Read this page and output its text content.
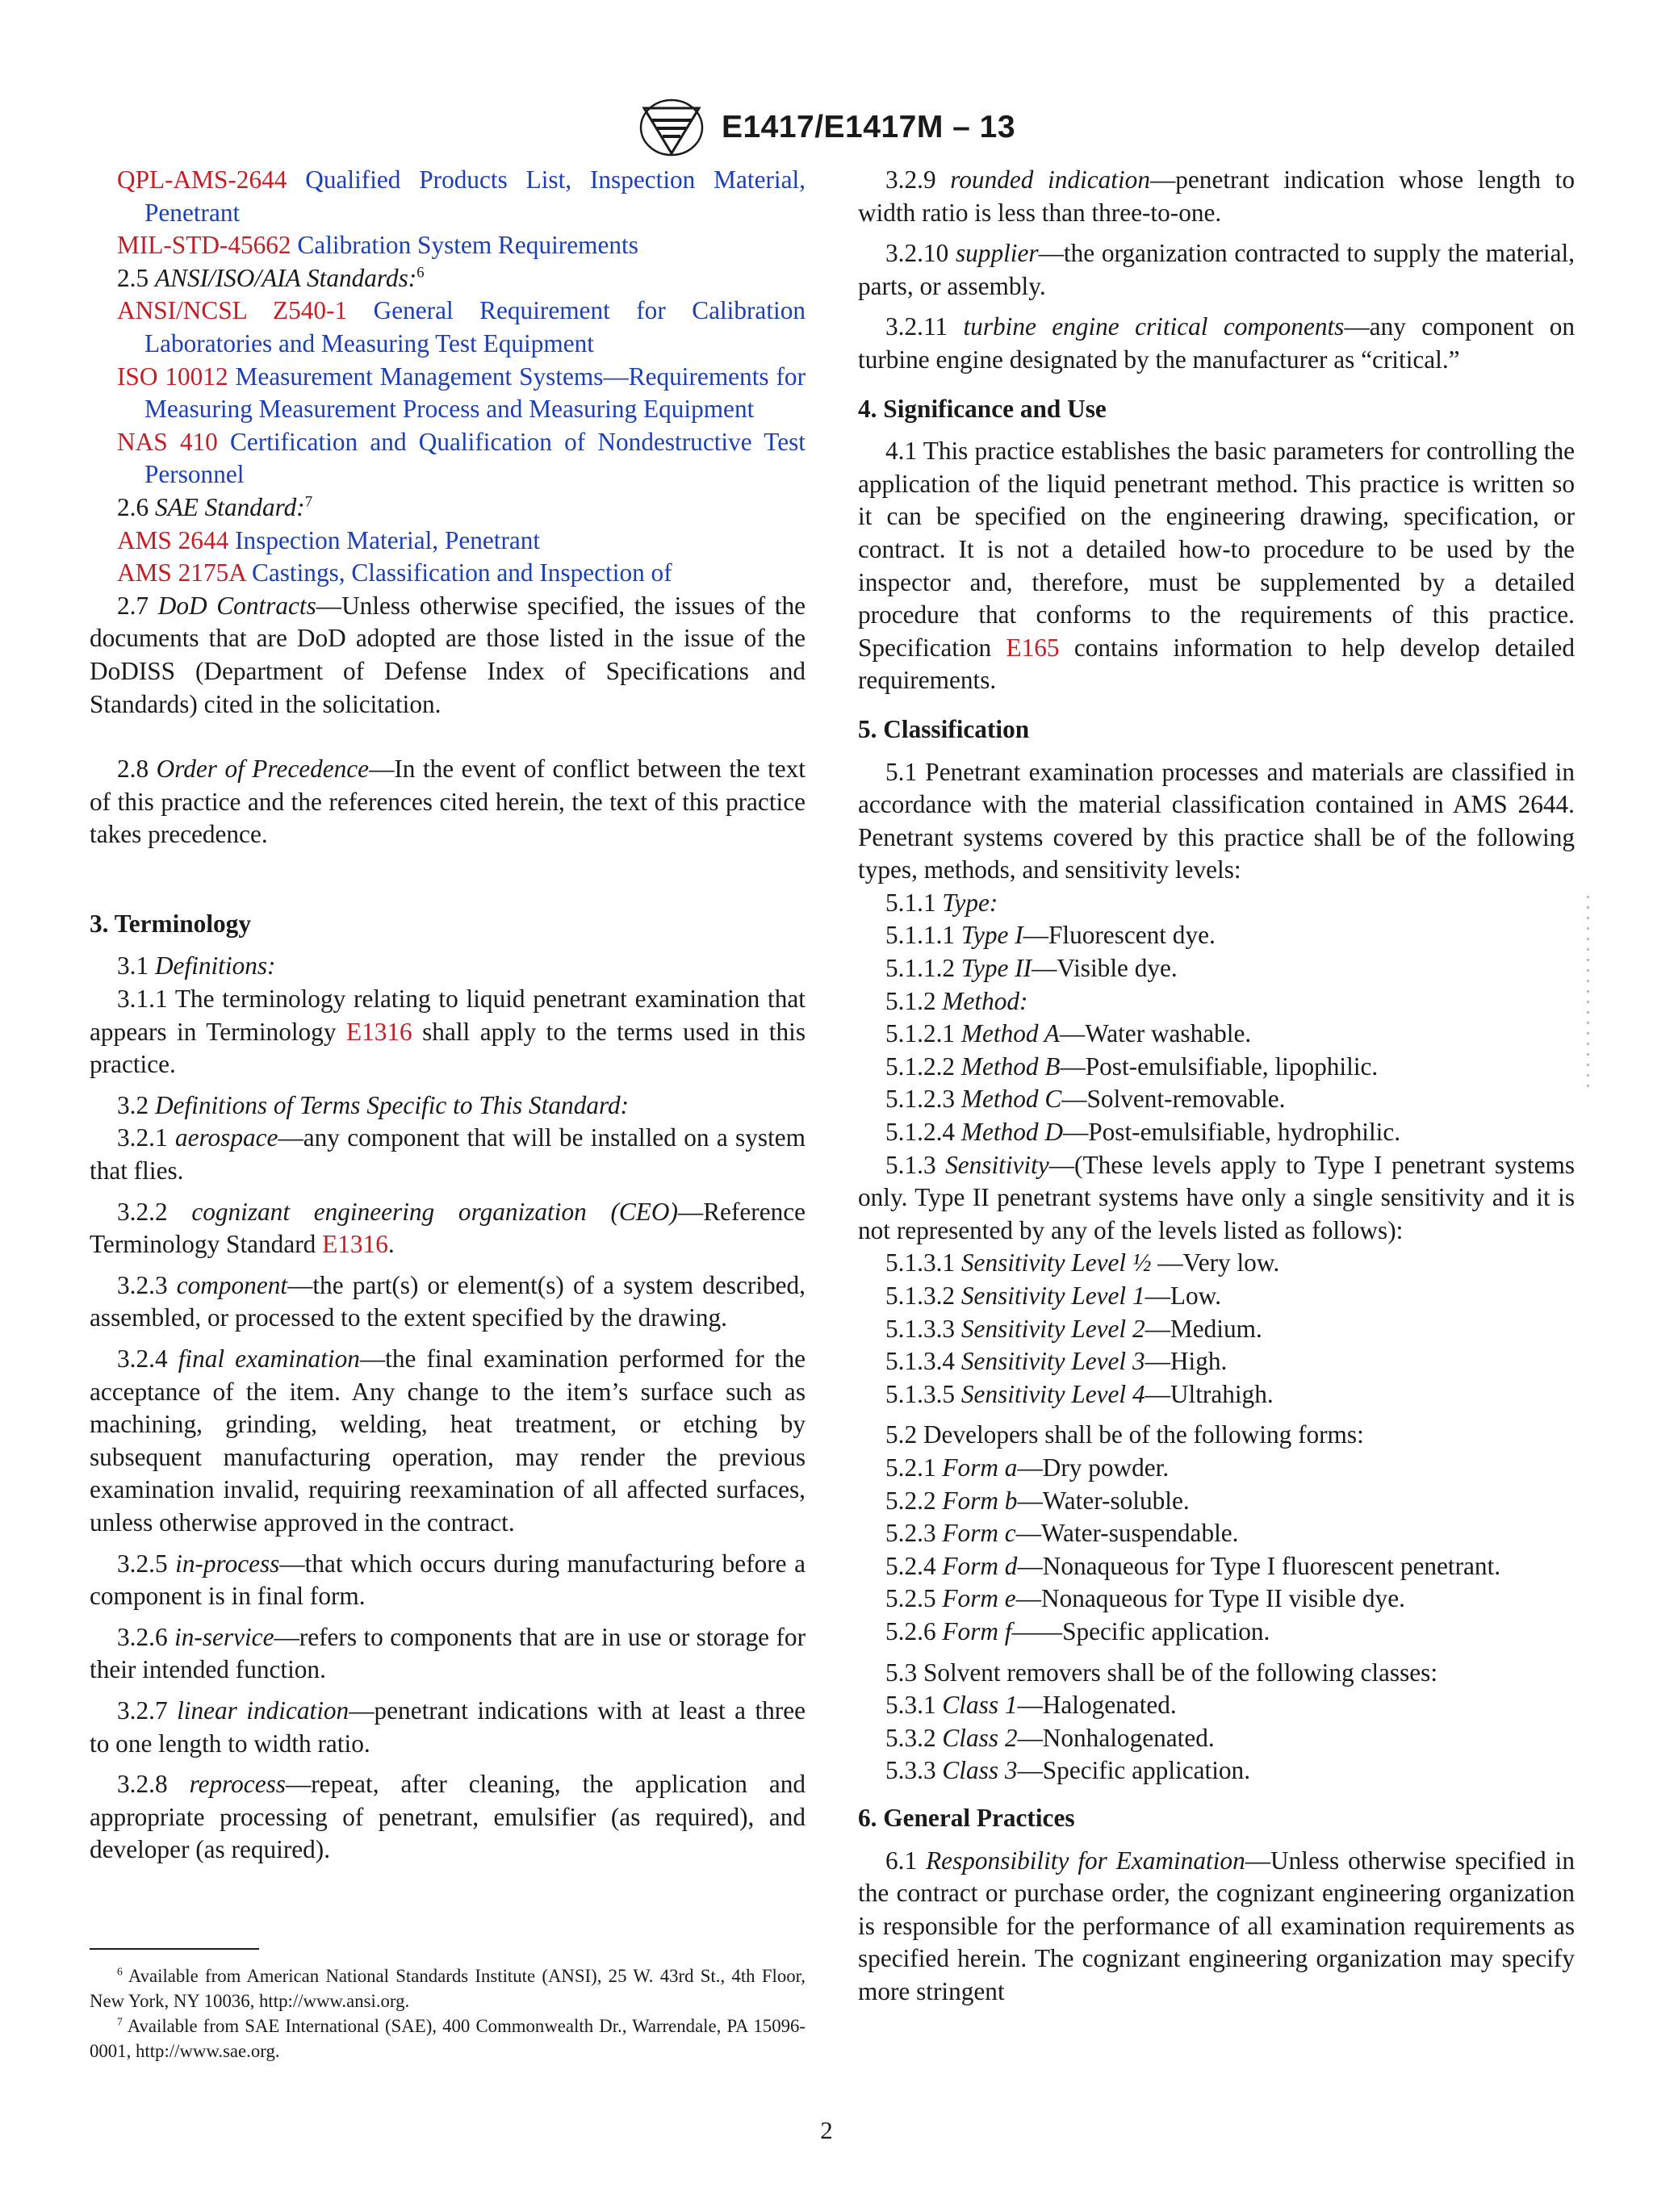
E1417/E1417M – 13

QPL-AMS-2644 Qualified Products List, Inspection Material, Penetrant

MIL-STD-45662 Calibration System Requirements

2.5 ANSI/ISO/AIA Standards:$^6$

ANSI/NCSL Z540-1 General Requirement for Calibration Laboratories and Measuring Test Equipment

ISO 10012 Measurement Management Systems—Requirements for Measuring Measurement Process and Measuring Equipment

NAS 410 Certification and Qualification of Nondestructive Test Personnel

2.6 SAE Standard:$^7$

AMS 2644 Inspection Material, Penetrant

AMS 2175A Castings, Classification and Inspection of

2.7 DoD Contracts—Unless otherwise specified, the issues of the documents that are DoD adopted are those listed in the issue of the DoDISS (Department of Defense Index of Specifications and Standards) cited in the solicitation.

2.8 Order of Precedence—In the event of conflict between the text of this practice and the references cited herein, the text of this practice takes precedence.

3. Terminology

3.1 Definitions:

3.1.1 The terminology relating to liquid penetrant examination that appears in Terminology E1316 shall apply to the terms used in this practice.

3.2 Definitions of Terms Specific to This Standard:

3.2.1 aerospace—any component that will be installed on a system that flies.

3.2.2 cognizant engineering organization (CEO)—Reference Terminology Standard E1316.

3.2.3 component—the part(s) or element(s) of a system described, assembled, or processed to the extent specified by the drawing.

3.2.4 final examination—the final examination performed for the acceptance of the item. Any change to the item’s surface such as machining, grinding, welding, heat treatment, or etching by subsequent manufacturing operation, may render the previous examination invalid, requiring reexamination of all affected surfaces, unless otherwise approved in the contract.

3.2.5 in-process—that which occurs during manufacturing before a component is in final form.

3.2.6 in-service—refers to components that are in use or storage for their intended function.

3.2.7 linear indication—penetrant indications with at least a three to one length to width ratio.

3.2.8 reprocess—repeat, after cleaning, the application and appropriate processing of penetrant, emulsifier (as required), and developer (as required).

3.2.9 rounded indication—penetrant indication whose length to width ratio is less than three-to-one.

3.2.10 supplier—the organization contracted to supply the material, parts, or assembly.

3.2.11 turbine engine critical components—any component on turbine engine designated by the manufacturer as “critical.”

4. Significance and Use

4.1 This practice establishes the basic parameters for controlling the application of the liquid penetrant method. This practice is written so it can be specified on the engineering drawing, specification, or contract. It is not a detailed how-to procedure to be used by the inspector and, therefore, must be supplemented by a detailed procedure that conforms to the requirements of this practice. Specification E165 contains information to help develop detailed requirements.

5. Classification

5.1 Penetrant examination processes and materials are classified in accordance with the material classification contained in AMS 2644. Penetrant systems covered by this practice shall be of the following types, methods, and sensitivity levels:

5.1.1 Type:

5.1.1.1 Type I—Fluorescent dye.

5.1.1.2 Type II—Visible dye.

5.1.2 Method:

5.1.2.1 Method A—Water washable.

5.1.2.2 Method B—Post-emulsifiable, lipophilic.

5.1.2.3 Method C—Solvent-removable.

5.1.2.4 Method D—Post-emulsifiable, hydrophilic.

5.1.3 Sensitivity—(These levels apply to Type I penetrant systems only. Type II penetrant systems have only a single sensitivity and it is not represented by any of the levels listed as follows):

5.1.3.1 Sensitivity Level ½ —Very low.

5.1.3.2 Sensitivity Level 1—Low.

5.1.3.3 Sensitivity Level 2—Medium.

5.1.3.4 Sensitivity Level 3—High.

5.1.3.5 Sensitivity Level 4—Ultrahigh.

5.2 Developers shall be of the following forms:

5.2.1 Form a—Dry powder.

5.2.2 Form b—Water-soluble.

5.2.3 Form c—Water-suspendable.

5.2.4 Form d—Nonaqueous for Type I fluorescent penetrant.

5.2.5 Form e—Nonaqueous for Type II visible dye.

5.2.6 Form f——Specific application.

5.3 Solvent removers shall be of the following classes:

5.3.1 Class 1—Halogenated.

5.3.2 Class 2—Nonhalogenated.

5.3.3 Class 3—Specific application.

6. General Practices

6.1 Responsibility for Examination—Unless otherwise specified in the contract or purchase order, the cognizant engineering organization is responsible for the performance of all examination requirements as specified herein. The cognizant engineering organization may specify more stringent

$^6$ Available from American National Standards Institute (ANSI), 25 W. 43rd St., 4th Floor, New York, NY 10036, http://www.ansi.org.

$^7$ Available from SAE International (SAE), 400 Commonwealth Dr., Warrendale, PA 15096-0001, http://www.sae.org.

2
